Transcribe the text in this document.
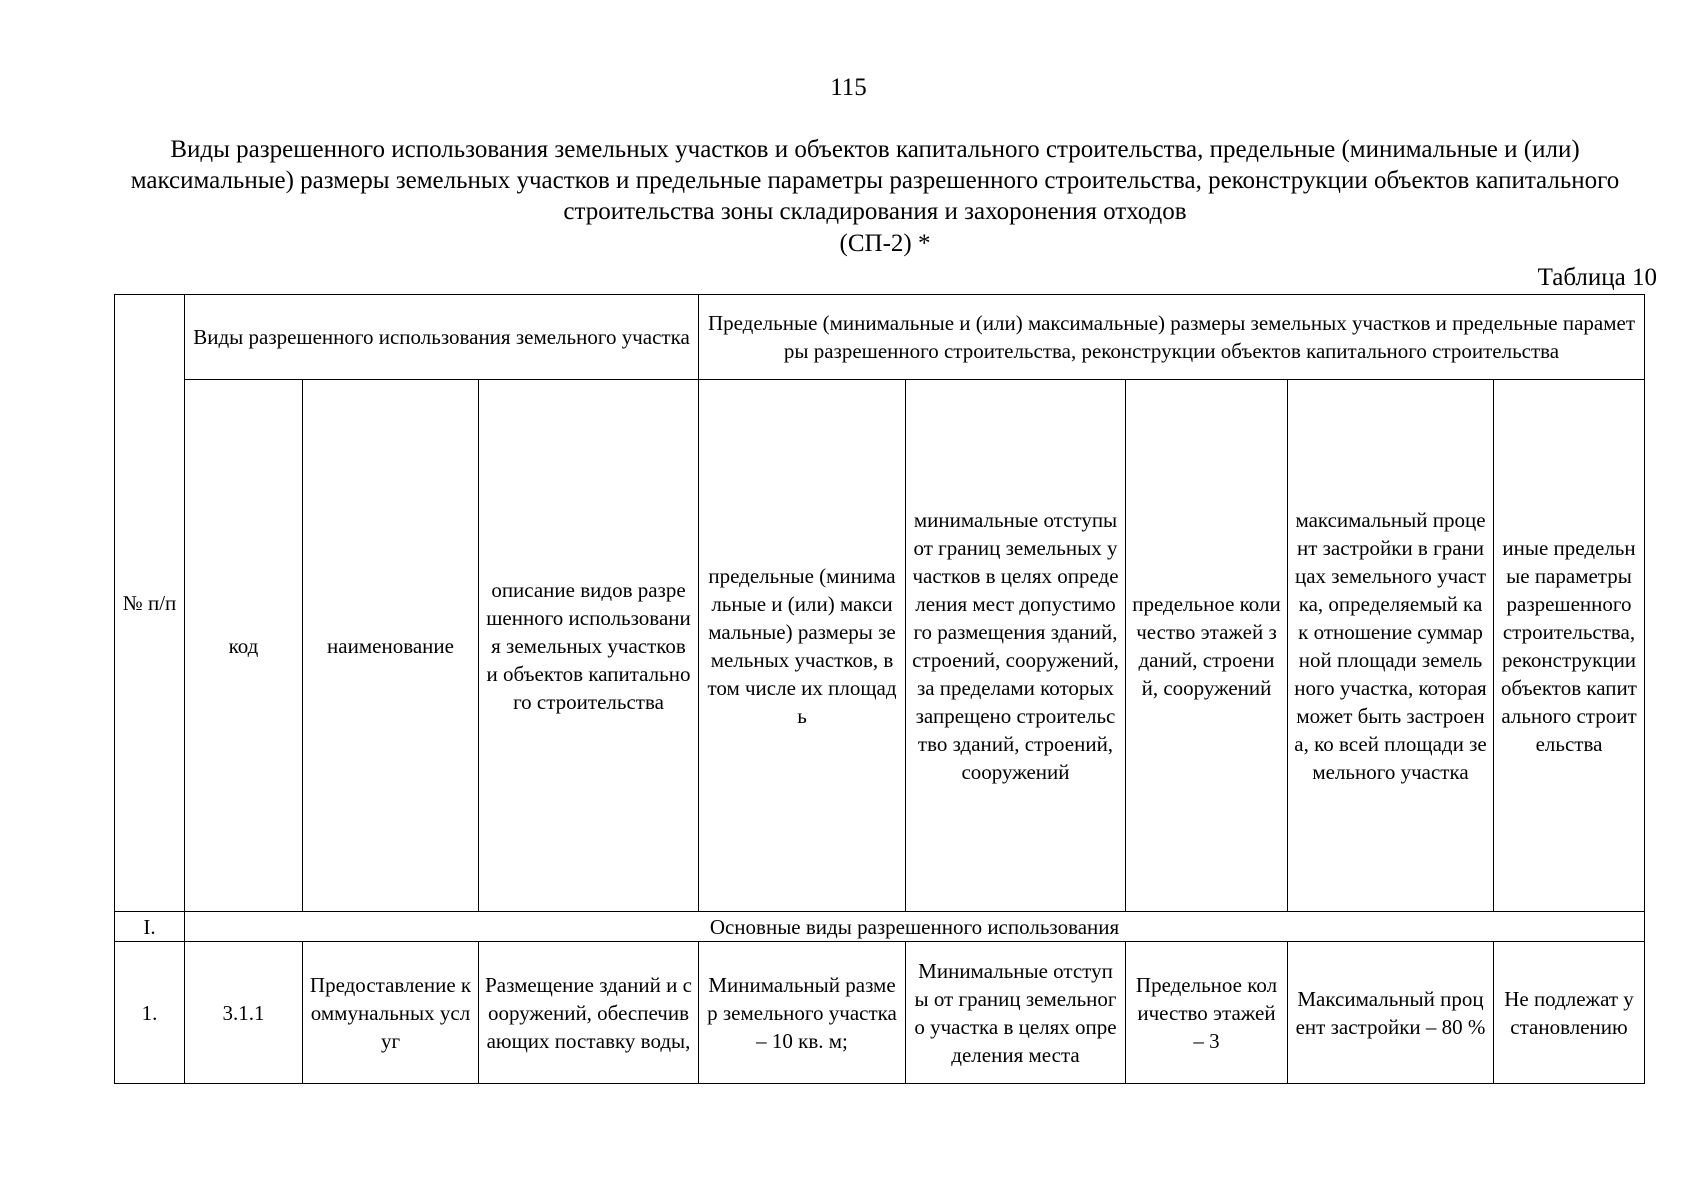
115
Виды разрешенного использования земельных участков и объектов капитального строительства, предельные (минимальные и (или) максимальные) размеры земельных участков и предельные параметры разрешенного строительства, реконструкции объектов капитального строительства зоны складирования и захоронения отходов
(СП-2) *
Таблица 10
№ п/п	Виды разрешенного использования земельного участка			Предельные (минимальные и (или) максимальные) размеры земельных участков и предельные параметры разрешенного строительства, реконструкции объектов капитального строительства				
	код	наименование	описание видов разрешенного использования земельных участков и объектов капитального строительства	предельные (минимальные и (или) максимальные) размеры земельных участков, в том числе их площадь	минимальные отступы от границ земельных участков в целях определения мест допустимого размещения зданий, строений, сооружений, за пределами которых запрещено строительство зданий, строений, сооружений	предельное количество этажей зданий, строений, сооружений	максимальный процент застройки в границах земельного участка, определяемый как отношение суммарной площади земельного участка, которая может быть застроена, ко всей площади земельного участка	иные предельные параметры разрешенного строительства, реконструкции объектов капитального строительства
I.	Основные виды разрешенного использования							
1.	3.1.1	Предоставление коммунальных услуг	Размещение зданий и сооружений, обеспечивающих поставку воды,	Минимальный размер земельного участка – 10 кв. м;	Минимальные отступы от границ земельного участка в целях определения места	Предельное количество этажей – 3	Максимальный процент застройки – 80 %	Не подлежат установлению
